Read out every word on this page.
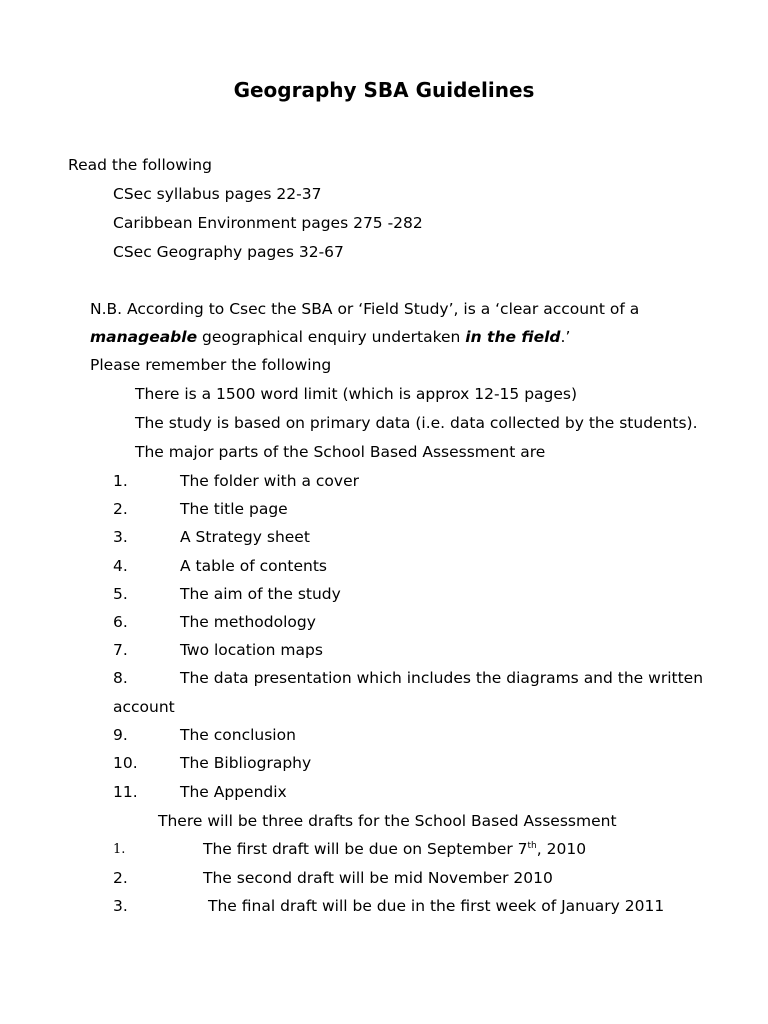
Geography SBA Guidelines
Read the following
CSec syllabus pages 22-37
Caribbean Environment pages 275 -282
CSec Geography pages 32-67
N.B. According to Csec the SBA or ‘Field Study’, is a ‘clear account of a
manageable geographical enquiry undertaken in the field.’
Please remember the following
There is a 1500 word limit (which is approx 12-15 pages)
The study is based on primary data (i.e. data collected by the students).
The major parts of the School Based Assessment are
1.	The folder with a cover
2.	The title page
3.	A Strategy sheet
4.	A table of contents
5.	The aim of the study
6.	The methodology
7.	Two location maps
8.	The data presentation which includes the diagrams and the written
account
9.	The conclusion
10.	The Bibliography
11.	The Appendix
There will be three drafts for the School Based Assessment
1.	The first draft will be due on September 7th, 2010
2.	The second draft will be mid November 2010
3.	The final draft will be due in the first week of January 2011
